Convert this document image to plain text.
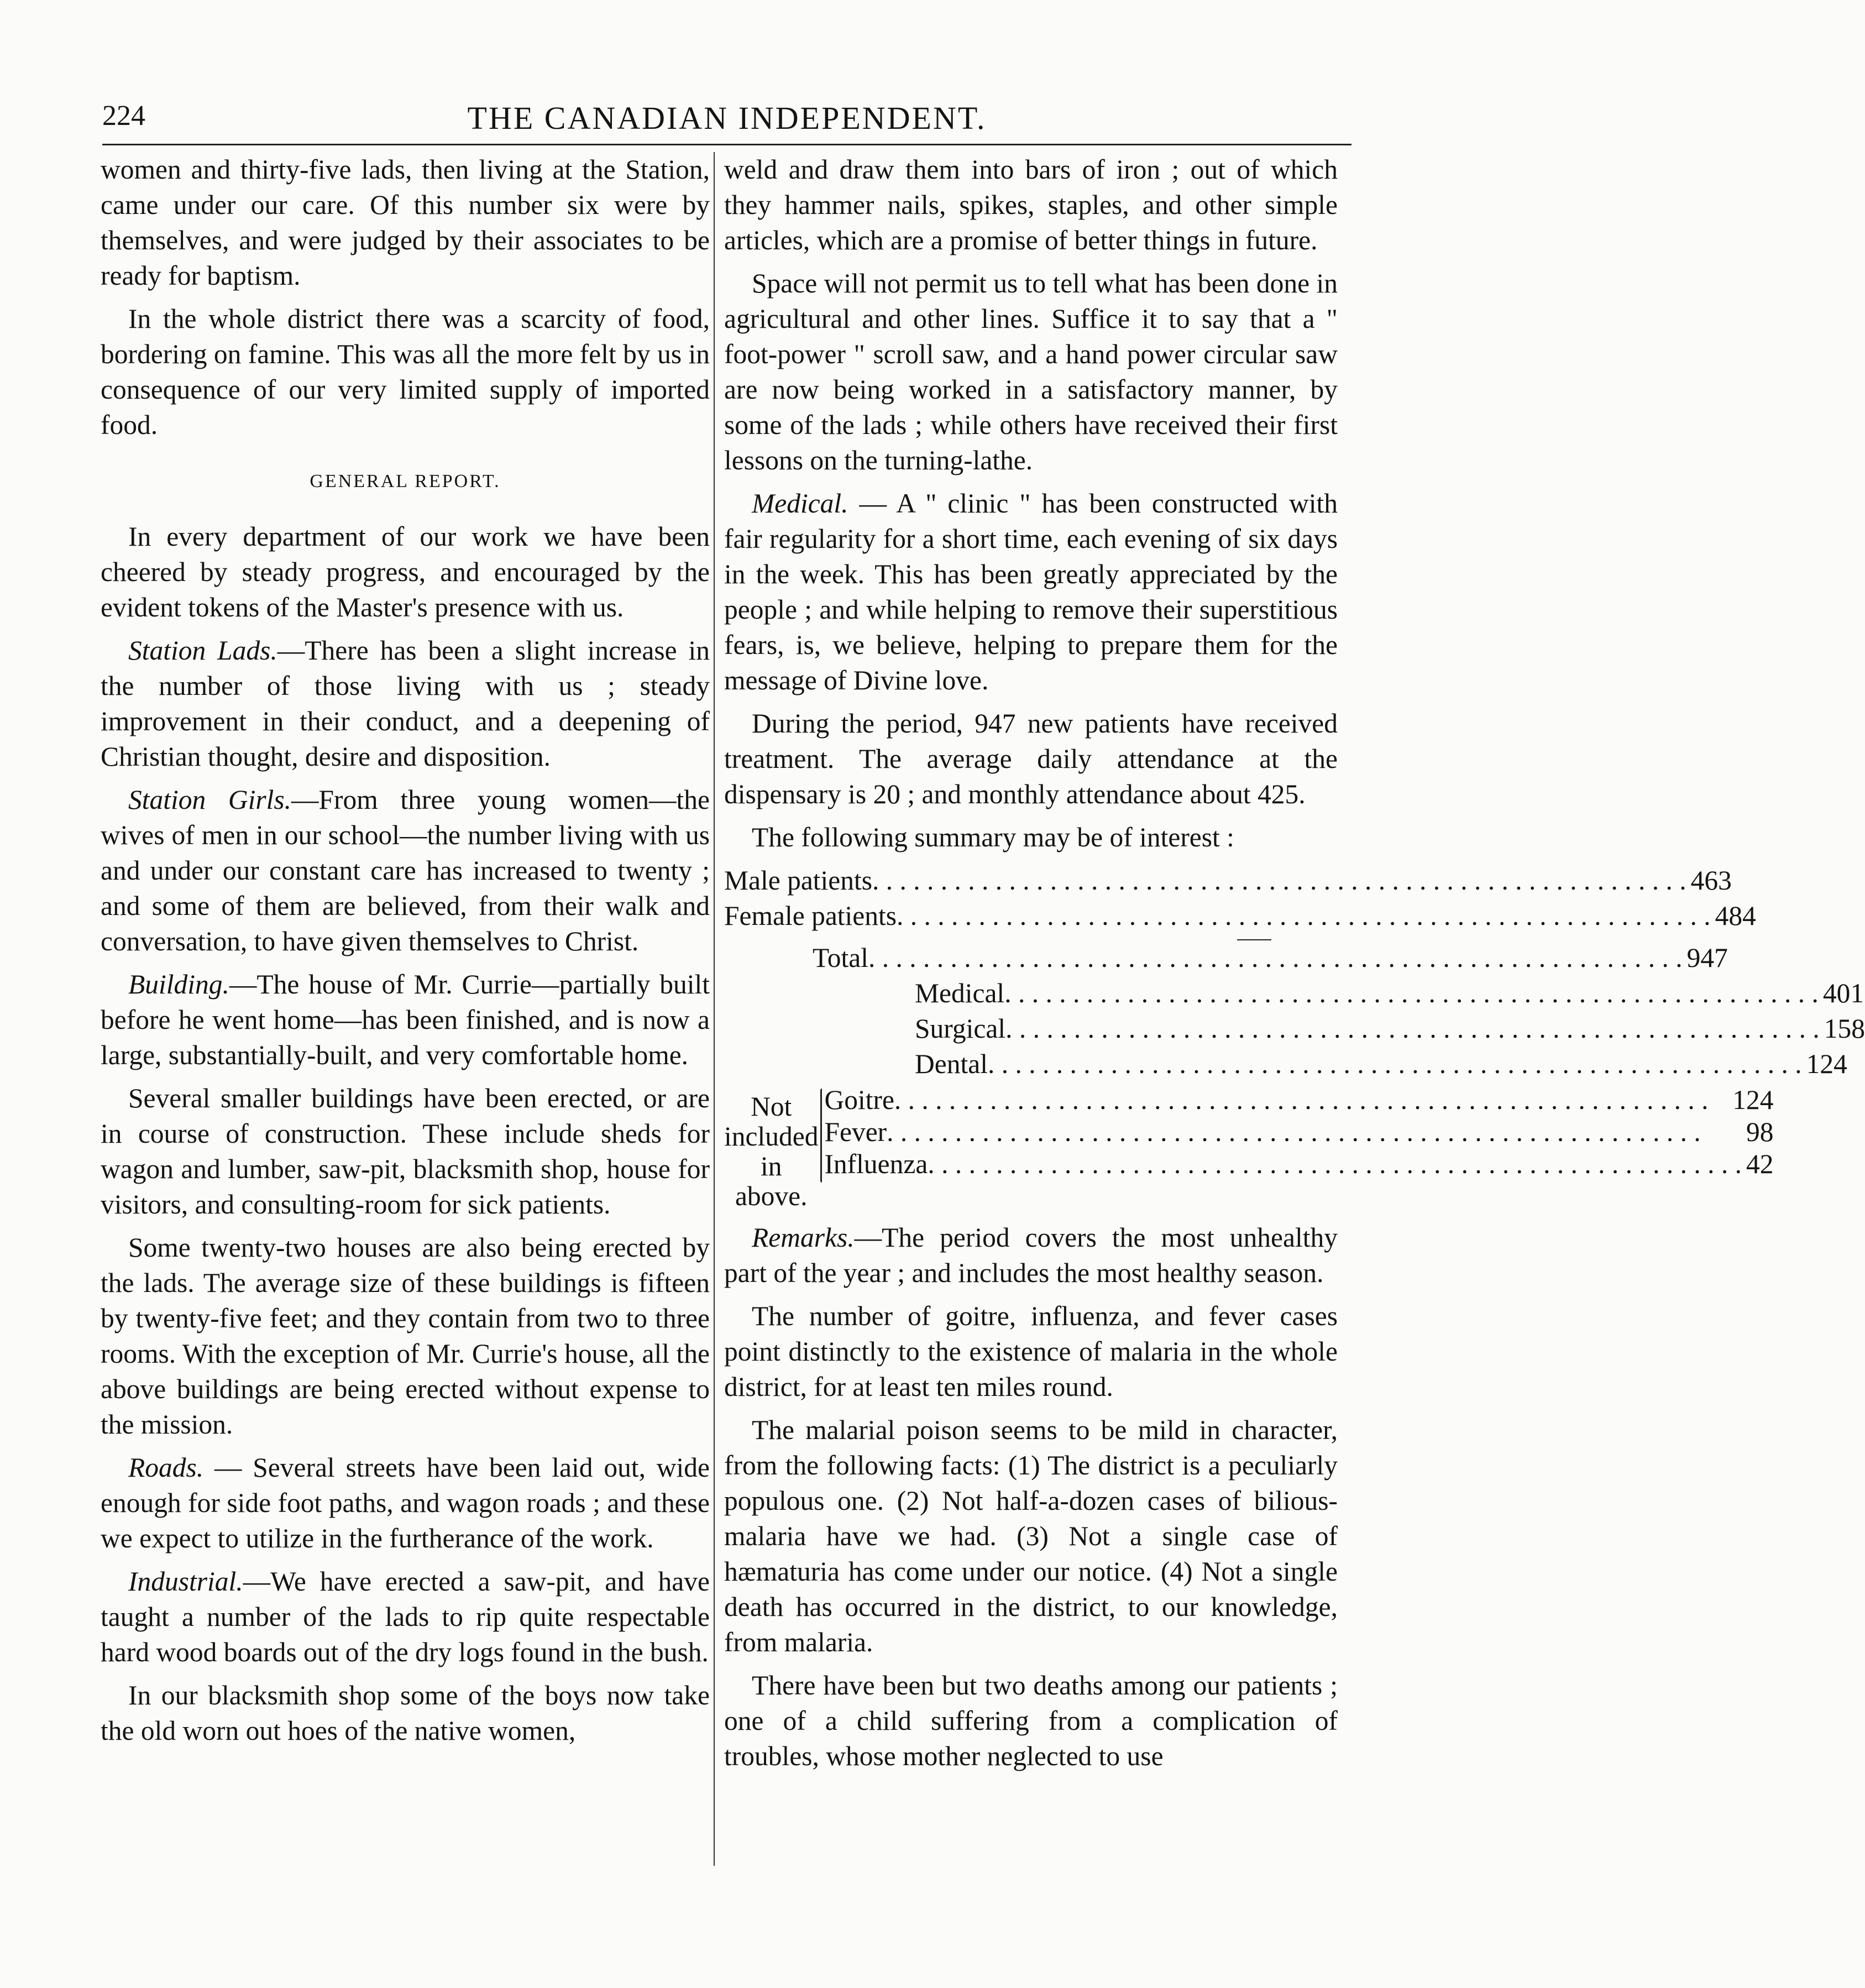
224	THE CANADIAN INDEPENDENT.

women and thirty-five lads, then living at the Station, came under our care. Of this number six were by themselves, and were judged by their associates to be ready for baptism.

In the whole district there was a scarcity of food, bordering on famine. This was all the more felt by us in consequence of our very limited supply of imported food.

GENERAL REPORT.

In every department of our work we have been cheered by steady progress, and encouraged by the evident tokens of the Master's presence with us.

Station Lads.—There has been a slight increase in the number of those living with us ; steady improvement in their conduct, and a deepening of Christian thought, desire and disposition.

Station Girls.—From three young women—the wives of men in our school—the number living with us and under our constant care has increased to twenty ; and some of them are believed, from their walk and conversation, to have given themselves to Christ.

Building.—The house of Mr. Currie—partially built before he went home—has been finished, and is now a large, substantially-built, and very comfortable home.

Several smaller buildings have been erected, or are in course of construction. These include sheds for wagon and lumber, saw-pit, blacksmith shop, house for visitors, and consulting-room for sick patients.

Some twenty-two houses are also being erected by the lads. The average size of these buildings is fifteen by twenty-five feet; and they contain from two to three rooms. With the exception of Mr. Currie's house, all the above buildings are being erected without expense to the mission.

Roads. — Several streets have been laid out, wide enough for side foot paths, and wagon roads ; and these we expect to utilize in the furtherance of the work.

Industrial.—We have erected a saw-pit, and have taught a number of the lads to rip quite respectable hard wood boards out of the dry logs found in the bush.

In our blacksmith shop some of the boys now take the old worn out hoes of the native women,

weld and draw them into bars of iron ; out of which they hammer nails, spikes, staples, and other simple articles, which are a promise of better things in future.

Space will not permit us to tell what has been done in agricultural and other lines. Suffice it to say that a " foot-power " scroll saw, and a hand power circular saw are now being worked in a satisfactory manner, by some of the lads ; while others have received their first lessons on the turning-lathe.

Medical. — A " clinic " has been constructed with fair regularity for a short time, each evening of six days in the week. This has been greatly appreciated by the people ; and while helping to remove their superstitious fears, is, we believe, helping to prepare them for the message of Divine love.

During the period, 947 new patients have received treatment. The average daily attendance at the dispensary is 20 ; and monthly attendance about 425.

The following summary may be of interest :

Male patients . . .	463
Female patients . . .	484
Total . . .	947
Medical . . .	401
Surgical . . .	158
Dental . . .	124
Not included
in above.
Goitre . . .	124
Fever . . .	98
Influenza . . .	42

Remarks.—The period covers the most unhealthy part of the year ; and includes the most healthy season.

The number of goitre, influenza, and fever cases point distinctly to the existence of malaria in the whole district, for at least ten miles round.

The malarial poison seems to be mild in character, from the following facts: (1) The district is a peculiarly populous one. (2) Not half-a-dozen cases of bilious-malaria have we had. (3) Not a single case of hæmaturia has come under our notice. (4) Not a single death has occurred in the district, to our knowledge, from malaria.

There have been but two deaths among our patients ; one of a child suffering from a complication of troubles, whose mother neglected to use
